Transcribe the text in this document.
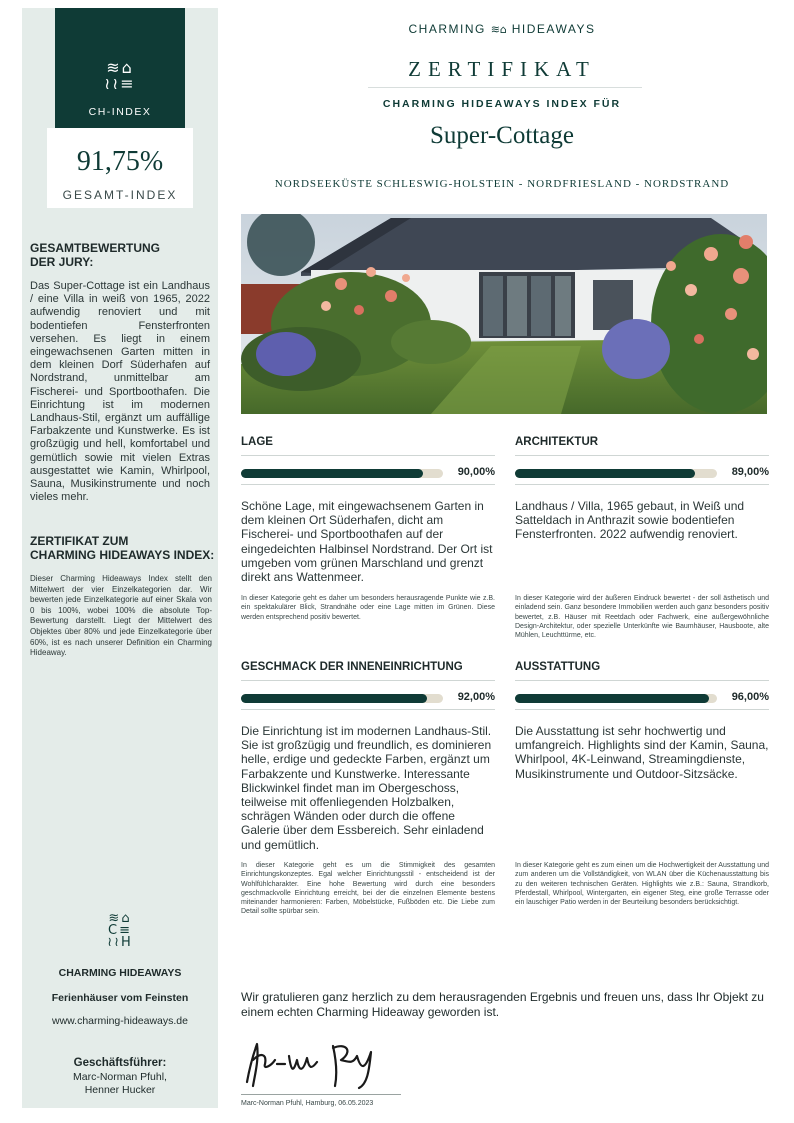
≋⌂
≀≀≡
CH-INDEX
91,75%
GESAMT-INDEX
GESAMTBEWERTUNG
DER JURY:
Das Super-Cottage ist ein Landhaus / eine Villa in weiß von 1965, 2022 aufwendig renoviert und mit bodentiefen Fensterfronten versehen. Es liegt in einem eingewachsenen Garten mitten in dem kleinen Dorf Süderhafen auf Nordstrand, unmittelbar am Fischerei- und Sportboothafen. Die Einrichtung ist im modernen Landhaus-Stil, ergänzt um auffällige Farbakzente und Kunstwerke. Es ist großzügig und hell, komfortabel und gemütlich sowie mit vielen Extras ausgestattet wie Kamin, Whirlpool, Sauna, Musikinstrumente und noch vieles mehr.
ZERTIFIKAT ZUM
CHARMING HIDEAWAYS INDEX:
Dieser Charming Hideaways Index stellt den Mittelwert der vier Einzelkategorien dar. Wir bewerten jede Einzelkategorie auf einer Skala von 0 bis 100%, wobei 100% die absolute Top-Bewertung darstellt. Liegt der Mittelwert des Objektes über 80% und jede Einzelkategorie über 60%, ist es nach unserer Definition ein Charming Hideaway.
≋⌂
C≡
≀≀H
CHARMING HIDEAWAYS
Ferienhäuser vom Feinsten
www.charming-hideaways.de
Geschäftsführer:
Marc-Norman Pfuhl,
Henner Hucker
CHARMING ≋⌂ HIDEAWAYS
ZERTIFIKAT
CHARMING HIDEAWAYS INDEX FÜR
Super-Cottage
NORDSEEKÜSTE SCHLESWIG-HOLSTEIN - NORDFRIESLAND - NORDSTRAND
LAGE
90,00%
Schöne Lage, mit eingewachsenem Garten in dem kleinen Ort Süderhafen, dicht am Fischerei- und Sportboothafen auf der eingedeichten Halbinsel Nordstrand. Der Ort ist umgeben vom grünen Marschland und grenzt direkt ans Wattenmeer.
In dieser Kategorie geht es daher um besonders herausragende Punkte wie z.B. ein spektakulärer Blick, Strandnähe oder eine Lage mitten im Grünen. Diese werden entsprechend positiv bewertet.
ARCHITEKTUR
89,00%
Landhaus / Villa, 1965 gebaut, in Weiß und Satteldach in Anthrazit sowie bodentiefen Fensterfronten. 2022 aufwendig renoviert.
In dieser Kategorie wird der äußeren Eindruck bewertet - der soll ästhetisch und einladend sein. Ganz besondere Immobilien werden auch ganz besonders positiv bewertet, z.B. Häuser mit Reetdach oder Fachwerk, eine außergewöhnliche Design-Architektur, oder spezielle Unterkünfte wie Baumhäuser, Hausboote, alte Mühlen, Leuchttürme, etc.
GESCHMACK DER INNENEINRICHTUNG
92,00%
Die Einrichtung ist im modernen Landhaus-Stil. Sie ist großzügig und freundlich, es dominieren helle, erdige und gedeckte Farben, ergänzt um Farbakzente und Kunstwerke. Interessante Blickwinkel findet man im Obergeschoss, teilweise mit offenliegenden Holzbalken, schrägen Wänden oder durch die offene Galerie über dem Essbereich. Sehr einladend und gemütlich.
In dieser Kategorie geht es um die Stimmigkeit des gesamten Einrichtungskonzeptes. Egal welcher Einrichtungsstil - entscheidend ist der Wohlfühlcharakter. Eine hohe Bewertung wird durch eine besonders geschmackvolle Einrichtung erreicht, bei der die einzelnen Elemente bestens miteinander harmonieren: Farben, Möbelstücke, Fußböden etc. Die Liebe zum Detail sollte spürbar sein.
AUSSTATTUNG
96,00%
Die Ausstattung ist sehr hochwertig und umfangreich. Highlights sind der Kamin, Sauna, Whirlpool, 4K-Leinwand, Streamingdienste, Musikinstrumente und Outdoor-Sitzsäcke.
In dieser Kategorie geht es zum einen um die Hochwertigkeit der Ausstattung und zum anderen um die Vollständigkeit, von WLAN über die Küchenausstattung bis zu den weiteren technischen Geräten. Highlights wie z.B.: Sauna, Strandkorb, Pferdestall, Whirlpool, Wintergarten, ein eigener Steg, eine große Terrasse oder ein lauschiger Patio werden in der Beurteilung besonders berücksichtigt.
Wir gratulieren ganz herzlich zu dem herausragenden Ergebnis und freuen uns, dass Ihr Objekt zu einem echten Charming Hideaway geworden ist.
Marc-Norman Pfuhl, Hamburg, 06.05.2023
